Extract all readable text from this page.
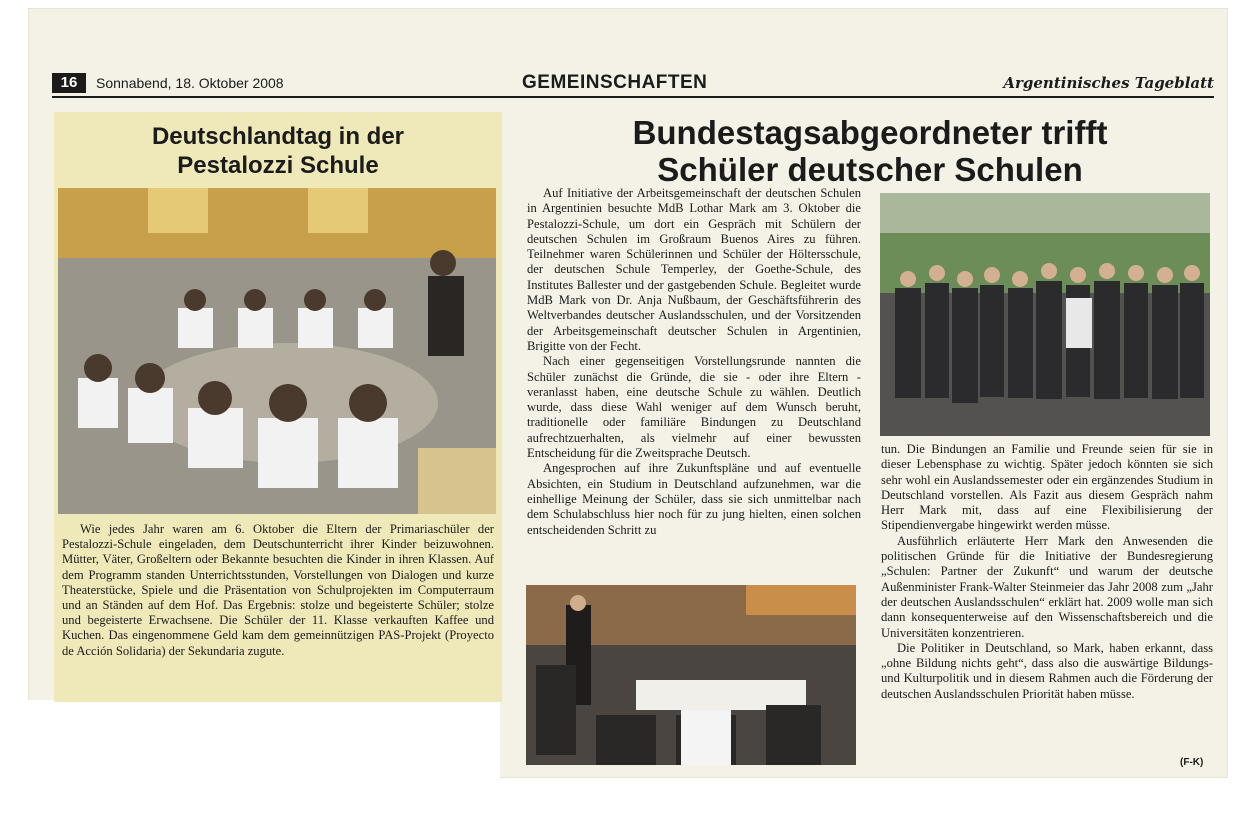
16	Sonnabend, 18. Oktober 2008	GEMEINSCHAFTEN	Argentinisches Tageblatt
Deutschlandtag in der Pestalozzi Schule
Wie jedes Jahr waren am 6. Oktober die Eltern der Primariaschüler der Pestalozzi-Schule eingeladen, dem Deutschunterricht ihrer Kinder beizuwohnen. Mütter, Väter, Großeltern oder Bekannte besuchten die Kinder in ihren Klassen. Auf dem Programm standen Unterrichtsstunden, Vorstellungen von Dialogen und kurze Theaterstücke, Spiele und die Präsentation von Schulprojekten im Computerraum und an Ständen auf dem Hof. Das Ergebnis: stolze und begeisterte Schüler; stolze und begeisterte Erwachsene. Die Schüler der 11. Klasse verkauften Kaffee und Kuchen. Das eingenommene Geld kam dem gemeinnützigen PAS-Projekt (Proyecto de Acción Solidaria) der Sekundaria zugute.
Bundestagsabgeordneter trifft
Schüler deutscher Schulen

Auf Initiative der Arbeitsgemeinschaft der deutschen Schulen in Argentinien besuchte MdB Lothar Mark am 3. Oktober die Pestalozzi-Schule, um dort ein Gespräch mit Schülern der deutschen Schulen im Großraum Buenos Aires zu führen. Teilnehmer waren Schülerinnen und Schüler der Höltersschule, der deutschen Schule Temperley, der Goethe-Schule, des Institutes Ballester und der gastgebenden Schule. Begleitet wurde MdB Mark von Dr. Anja Nußbaum, der Geschäftsführerin des Weltverbandes deutscher Auslandsschulen, und der Vorsitzenden der Arbeitsgemeinschaft deutscher Schulen in Argentinien, Brigitte von der Fecht.

Nach einer gegenseitigen Vorstellungsrunde nannten die Schüler zunächst die Gründe, die sie - oder ihre Eltern - veranlasst haben, eine deutsche Schule zu wählen. Deutlich wurde, dass diese Wahl weniger auf dem Wunsch beruht, traditionelle oder familiäre Bindungen zu Deutschland aufrechtzuerhalten, als vielmehr auf einer bewussten Entscheidung für die Zweitsprache Deutsch.

Angesprochen auf ihre Zukunftspläne und auf eventuelle Absichten, ein Studium in Deutschland aufzunehmen, war die einhellige Meinung der Schüler, dass sie sich unmittelbar nach dem Schulabschluss hier noch für zu jung hielten, einen solchen entscheidenden Schritt zu

tun. Die Bindungen an Familie und Freunde seien für sie in dieser Lebensphase zu wichtig. Später jedoch könnten sie sich sehr wohl ein Auslandssemester oder ein ergänzendes Studium in Deutschland vorstellen. Als Fazit aus diesem Gespräch nahm Herr Mark mit, dass auf eine Flexibilisierung der Stipendienvergabe hingewirkt werden müsse.

Ausführlich erläuterte Herr Mark den Anwesenden die politischen Gründe für die Initiative der Bundesregierung „Schulen: Partner der Zukunft“ und warum der deutsche Außenminister Frank-Walter Steinmeier das Jahr 2008 zum „Jahr der deutschen Auslandsschulen“ erklärt hat. 2009 wolle man sich dann konsequenterweise auf den Wissenschaftsbereich und die Universitäten konzentrieren.

Die Politiker in Deutschland, so Mark, haben erkannt, dass „ohne Bildung nichts geht“, dass also die auswärtige Bildungs- und Kulturpolitik und in diesem Rahmen auch die Förderung der deutschen Auslandsschulen Priorität haben müsse.

(F-K)
